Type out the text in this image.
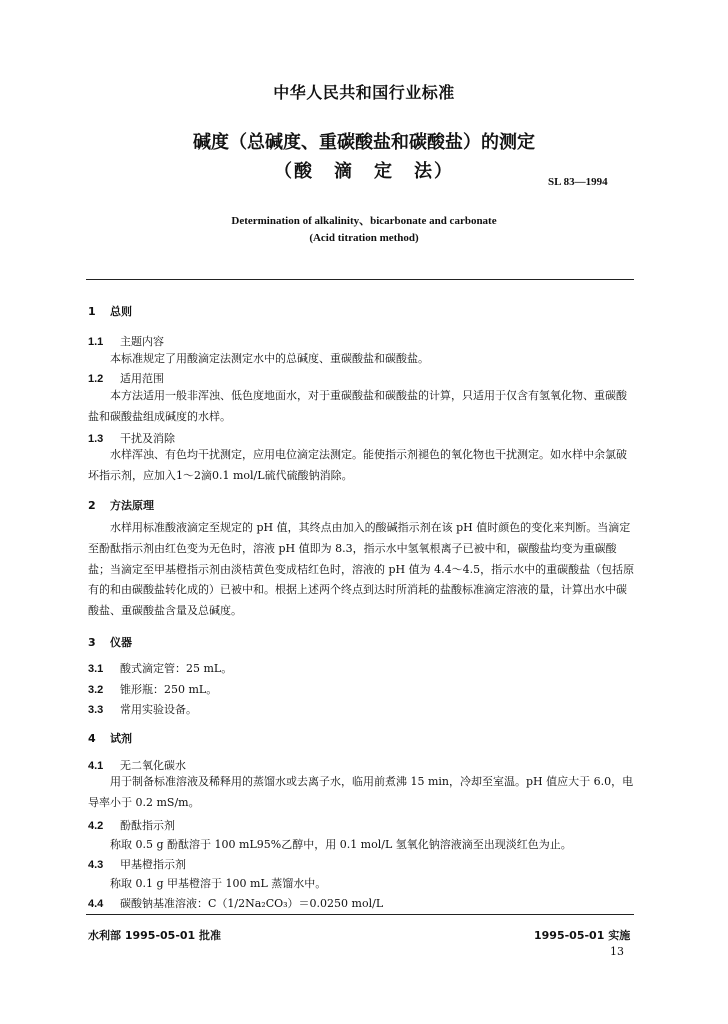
中华人民共和国行业标准
碱度（总碱度、重碳酸盐和碳酸盐）的测定
（酸　滴　定　法）	SL 83—1994
Determination of alkalinity、bicarbonate and carbonate
(Acid titration method)
1 总则
1.1 主题内容
本标准规定了用酸滴定法测定水中的总碱度、重碳酸盐和碳酸盐。
1.2 适用范围
本方法适用一般非浑浊、低色度地面水，对于重碳酸盐和碳酸盐的计算，只适用于仅含有氢氧化物、重碳酸盐和碳酸盐组成碱度的水样。
1.3 干扰及消除
水样浑浊、有色均干扰测定，应用电位滴定法测定。能使指示剂褪色的氧化物也干扰测定。如水样中余氯破坏指示剂，应加入1～2滴0.1 mol/L硫代硫酸钠消除。
2 方法原理
水样用标准酸液滴定至规定的 pH 值，其终点由加入的酸碱指示剂在该 pH 值时颜色的变化来判断。当滴定至酚酞指示剂由红色变为无色时，溶液 pH 值即为 8.3，指示水中氢氧根离子已被中和，碳酸盐均变为重碳酸盐；当滴定至甲基橙指示剂由淡桔黄色变成桔红色时，溶液的 pH 值为 4.4～4.5，指示水中的重碳酸盐（包括原有的和由碳酸盐转化成的）已被中和。根据上述两个终点到达时所消耗的盐酸标准滴定溶液的量，计算出水中碳酸盐、重碳酸盐含量及总碱度。
3 仪器
3.1 酸式滴定管：25 mL。
3.2 锥形瓶：250 mL。
3.3 常用实验设备。
4 试剂
4.1 无二氧化碳水
用于制备标准溶液及稀释用的蒸馏水或去离子水，临用前煮沸 15 min，冷却至室温。pH 值应大于 6.0，电导率小于 0.2 mS/m。
4.2 酚酞指示剂
称取 0.5 g 酚酞溶于 100 mL95%乙醇中，用 0.1 mol/L 氢氧化钠溶液滴至出现淡红色为止。
4.3 甲基橙指示剂
称取 0.1 g 甲基橙溶于 100 mL 蒸馏水中。
4.4 碳酸钠基准溶液：C（1/2Na₂CO₃）＝0.0250 mol/L
水利部 1995-05-01 批准	1995-05-01 实施
13
